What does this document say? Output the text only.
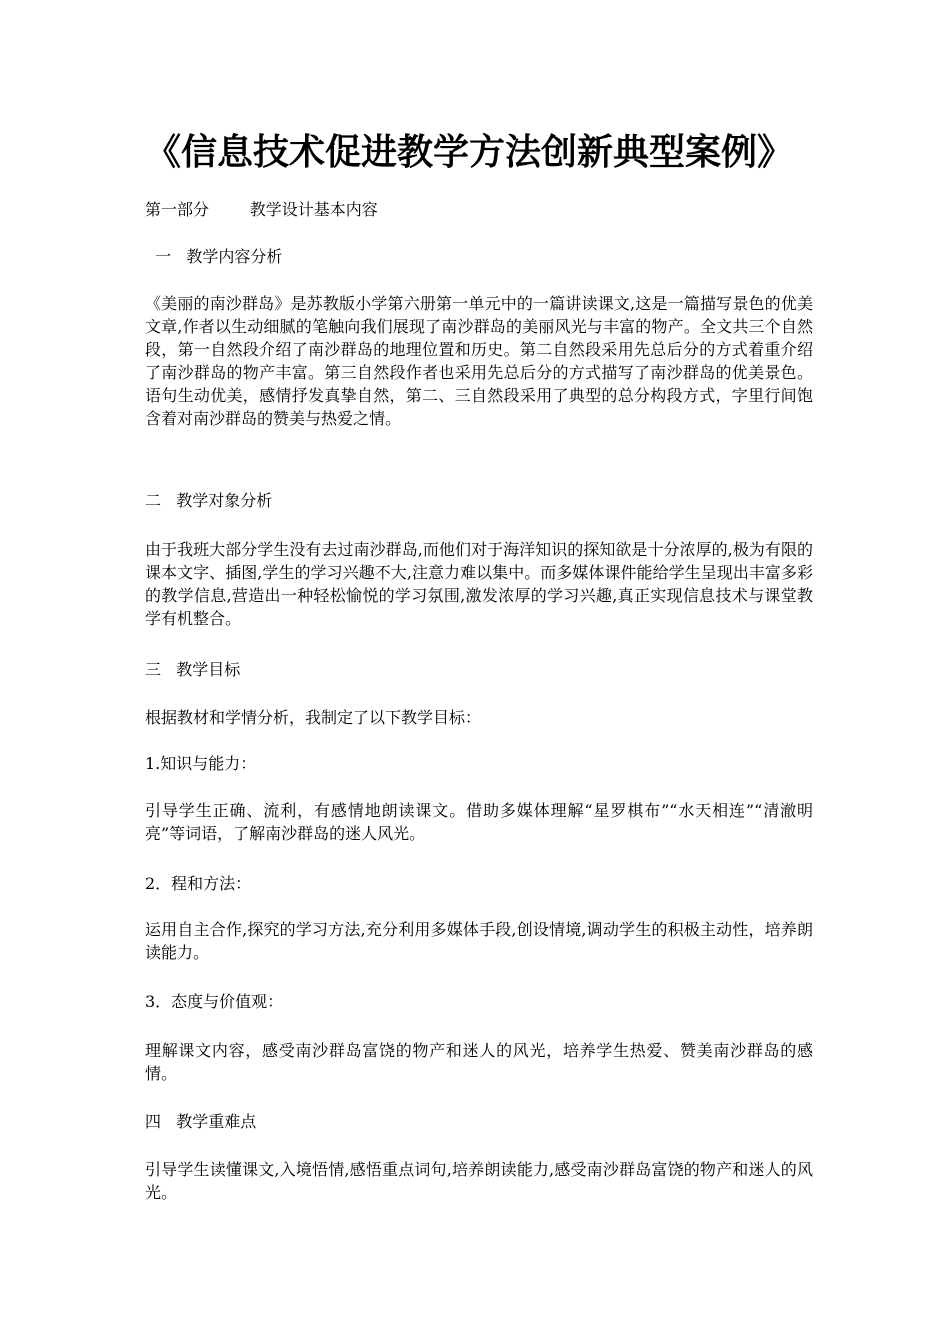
《信息技术促进教学方法创新典型案例》

第一部分        教学设计基本内容

一   教学内容分析

《美丽的南沙群岛》是苏教版小学第六册第一单元中的一篇讲读课文,这是一篇描写景色的优美文章,作者以生动细腻的笔触向我们展现了南沙群岛的美丽风光与丰富的物产。全文共三个自然段，第一自然段介绍了南沙群岛的地理位置和历史。第二自然段采用先总后分的方式着重介绍了南沙群岛的物产丰富。第三自然段作者也采用先总后分的方式描写了南沙群岛的优美景色。语句生动优美，感情抒发真挚自然，第二、三自然段采用了典型的总分构段方式，字里行间饱含着对南沙群岛的赞美与热爱之情。

二   教学对象分析

由于我班大部分学生没有去过南沙群岛,而他们对于海洋知识的探知欲是十分浓厚的,极为有限的课本文字、插图,学生的学习兴趣不大,注意力难以集中。而多媒体课件能给学生呈现出丰富多彩的教学信息,营造出一种轻松愉悦的学习氛围,激发浓厚的学习兴趣,真正实现信息技术与课堂教学有机整合。

三   教学目标

根据教材和学情分析，我制定了以下教学目标：

1.知识与能力：

引导学生正确、流利，有感情地朗读课文。借助多媒体理解“星罗棋布”“水天相连”“清澈明亮”等词语，了解南沙群岛的迷人风光。

2．程和方法：

运用自主合作,探究的学习方法,充分利用多媒体手段,创设情境,调动学生的积极主动性，培养朗读能力。

3．态度与价值观：

理解课文内容，感受南沙群岛富饶的物产和迷人的风光，培养学生热爱、赞美南沙群岛的感情。

四   教学重难点

引导学生读懂课文,入境悟情,感悟重点词句,培养朗读能力,感受南沙群岛富饶的物产和迷人的风光。
